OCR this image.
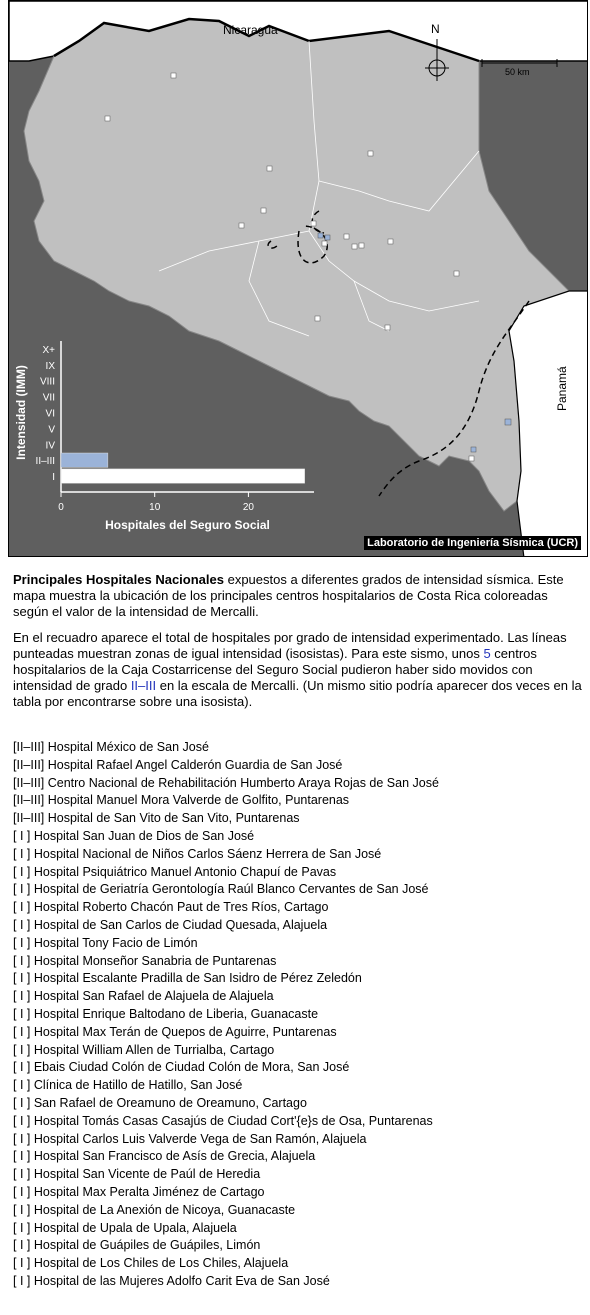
Nicaragua	N
50 km
Panamá
I
II–III
IV
V
VI
VII
VIII
IX
X+
0	10	20
Hospitales del Seguro Social
Intensidad (IMM)
Laboratorio de Ingeniería Sísmica (UCR)

Principales Hospitales Nacionales expuestos a diferentes grados de intensidad sísmica. Este mapa muestra la ubicación de los principales centros hospitalarios de Costa Rica coloreadas según el valor de la intensidad de Mercalli.

En el recuadro aparece el total de hospitales por grado de intensidad experimentado. Las líneas punteadas muestran zonas de igual intensidad (isosistas). Para este sismo, unos 5 centros hospitalarios de la Caja Costarricense del Seguro Social pudieron haber sido movidos con intensidad de grado II–III en la escala de Mercalli. (Un mismo sitio podría aparecer dos veces en la tabla por encontrarse sobre una isosista).

[II–III] Hospital México de San José
[II–III] Hospital Rafael Angel Calderón Guardia de San José
[II–III] Centro Nacional de Rehabilitación Humberto Araya Rojas de San José
[II–III] Hospital Manuel Mora Valverde de Golfito, Puntarenas
[II–III] Hospital de San Vito de San Vito, Puntarenas
[ I ] Hospital San Juan de Dios de San José
[ I ] Hospital Nacional de Niños Carlos Sáenz Herrera de San José
[ I ] Hospital Psiquiátrico Manuel Antonio Chapuí de Pavas
[ I ] Hospital de Geriatría Gerontología Raúl Blanco Cervantes de San José
[ I ] Hospital Roberto Chacón Paut de Tres Ríos, Cartago
[ I ] Hospital de San Carlos de Ciudad Quesada, Alajuela
[ I ] Hospital Tony Facio de Limón
[ I ] Hospital Monseñor Sanabria de Puntarenas
[ I ] Hospital Escalante Pradilla de San Isidro de Pérez Zeledón
[ I ] Hospital San Rafael de Alajuela de Alajuela
[ I ] Hospital Enrique Baltodano de Liberia, Guanacaste
[ I ] Hospital Max Terán de Quepos de Aguirre, Puntarenas
[ I ] Hospital William Allen de Turrialba, Cartago
[ I ] Ebais Ciudad Colón de Ciudad Colón de Mora, San José
[ I ] Clínica de Hatillo de Hatillo, San José
[ I ] San Rafael de Oreamuno de Oreamuno, Cartago
[ I ] Hospital Tomás Casas Casajús de Ciudad Cort'{e}s de Osa, Puntarenas
[ I ] Hospital Carlos Luis Valverde Vega de San Ramón, Alajuela
[ I ] Hospital San Francisco de Asís de Grecia, Alajuela
[ I ] Hospital San Vicente de Paúl de Heredia
[ I ] Hospital Max Peralta Jiménez de Cartago
[ I ] Hospital de La Anexión de Nicoya, Guanacaste
[ I ] Hospital de Upala de Upala, Alajuela
[ I ] Hospital de Guápiles de Guápiles, Limón
[ I ] Hospital de Los Chiles de Los Chiles, Alajuela
[ I ] Hospital de las Mujeres Adolfo Carit Eva de San José
